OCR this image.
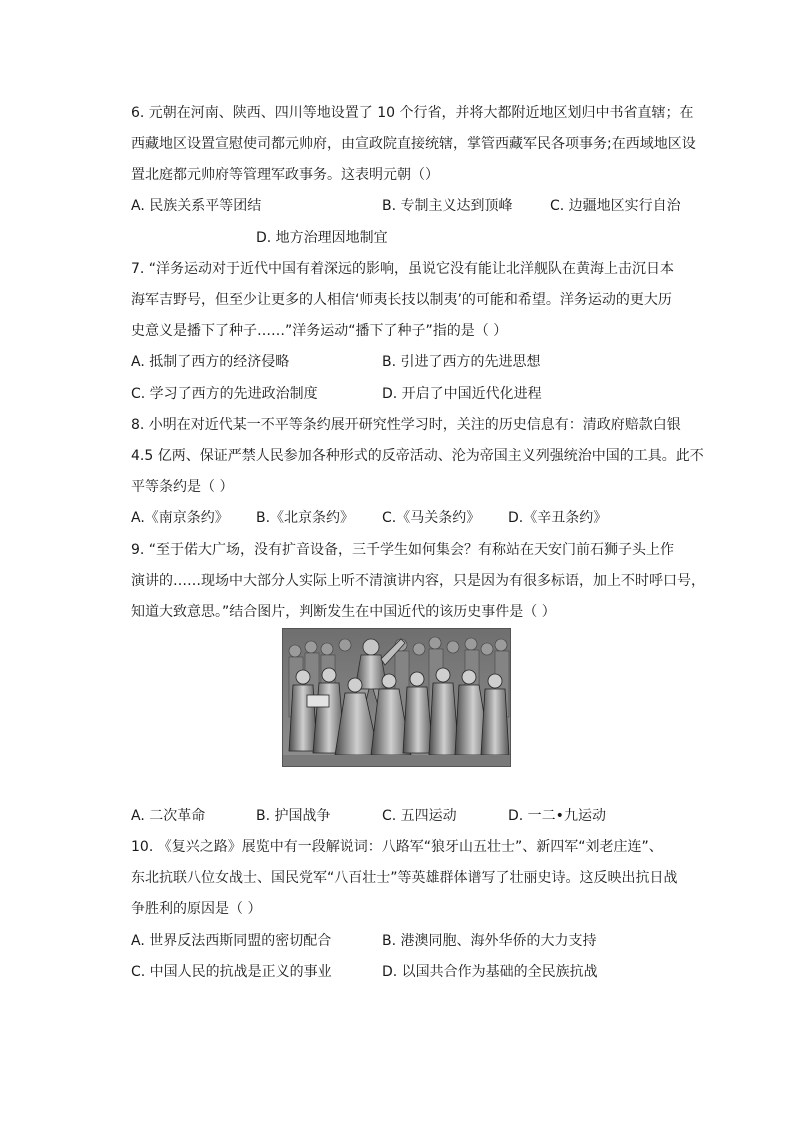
6. 元朝在河南、陕西、四川等地设置了 10 个行省，并将大都附近地区划归中书省直辖；在
西藏地区设置宣慰使司都元帅府，由宣政院直接统辖，掌管西藏军民各项事务;在西域地区设
置北庭都元帅府等管理军政事务。这表明元朝（）
A. 民族关系平等团结	B. 专制主义达到顶峰	C. 边疆地区实行自治
D. 地方治理因地制宜
7. “洋务运动对于近代中国有着深远的影响，虽说它没有能让北洋舰队在黄海上击沉日本
海军吉野号，但至少让更多的人相信‘师夷长技以制夷’的可能和希望。洋务运动的更大历
史意义是播下了种子……”洋务运动“播下了种子”指的是（ ）
A. 抵制了西方的经济侵略	B. 引进了西方的先进思想
C. 学习了西方的先进政治制度	D. 开启了中国近代化进程
8. 小明在对近代某一不平等条约展开研究性学习时，关注的历史信息有：清政府赔款白银
4.5 亿两、保证严禁人民参加各种形式的反帝活动、沦为帝国主义列强统治中国的工具。此不
平等条约是（ ）
A.《南京条约》 B.《北京条约》 C.《马关条约》 D.《辛丑条约》
9. “至于偌大广场，没有扩音设备，三千学生如何集会？有称站在天安门前石狮子头上作
演讲的……现场中大部分人实际上听不清演讲内容，只是因为有很多标语，加上不时呼口号，
知道大致意思。”结合图片，判断发生在中国近代的该历史事件是（ ）
A. 二次革命	B. 护国战争	C. 五四运动	D. 一二•九运动
10. 《复兴之路》展览中有一段解说词：八路军“狼牙山五壮士”、新四军“刘老庄连”、
东北抗联八位女战士、国民党军“八百壮士”等英雄群体谱写了壮丽史诗。这反映出抗日战
争胜利的原因是（ ）
A. 世界反法西斯同盟的密切配合	B. 港澳同胞、海外华侨的大力支持
C. 中国人民的抗战是正义的事业	D. 以国共合作为基础的全民族抗战
